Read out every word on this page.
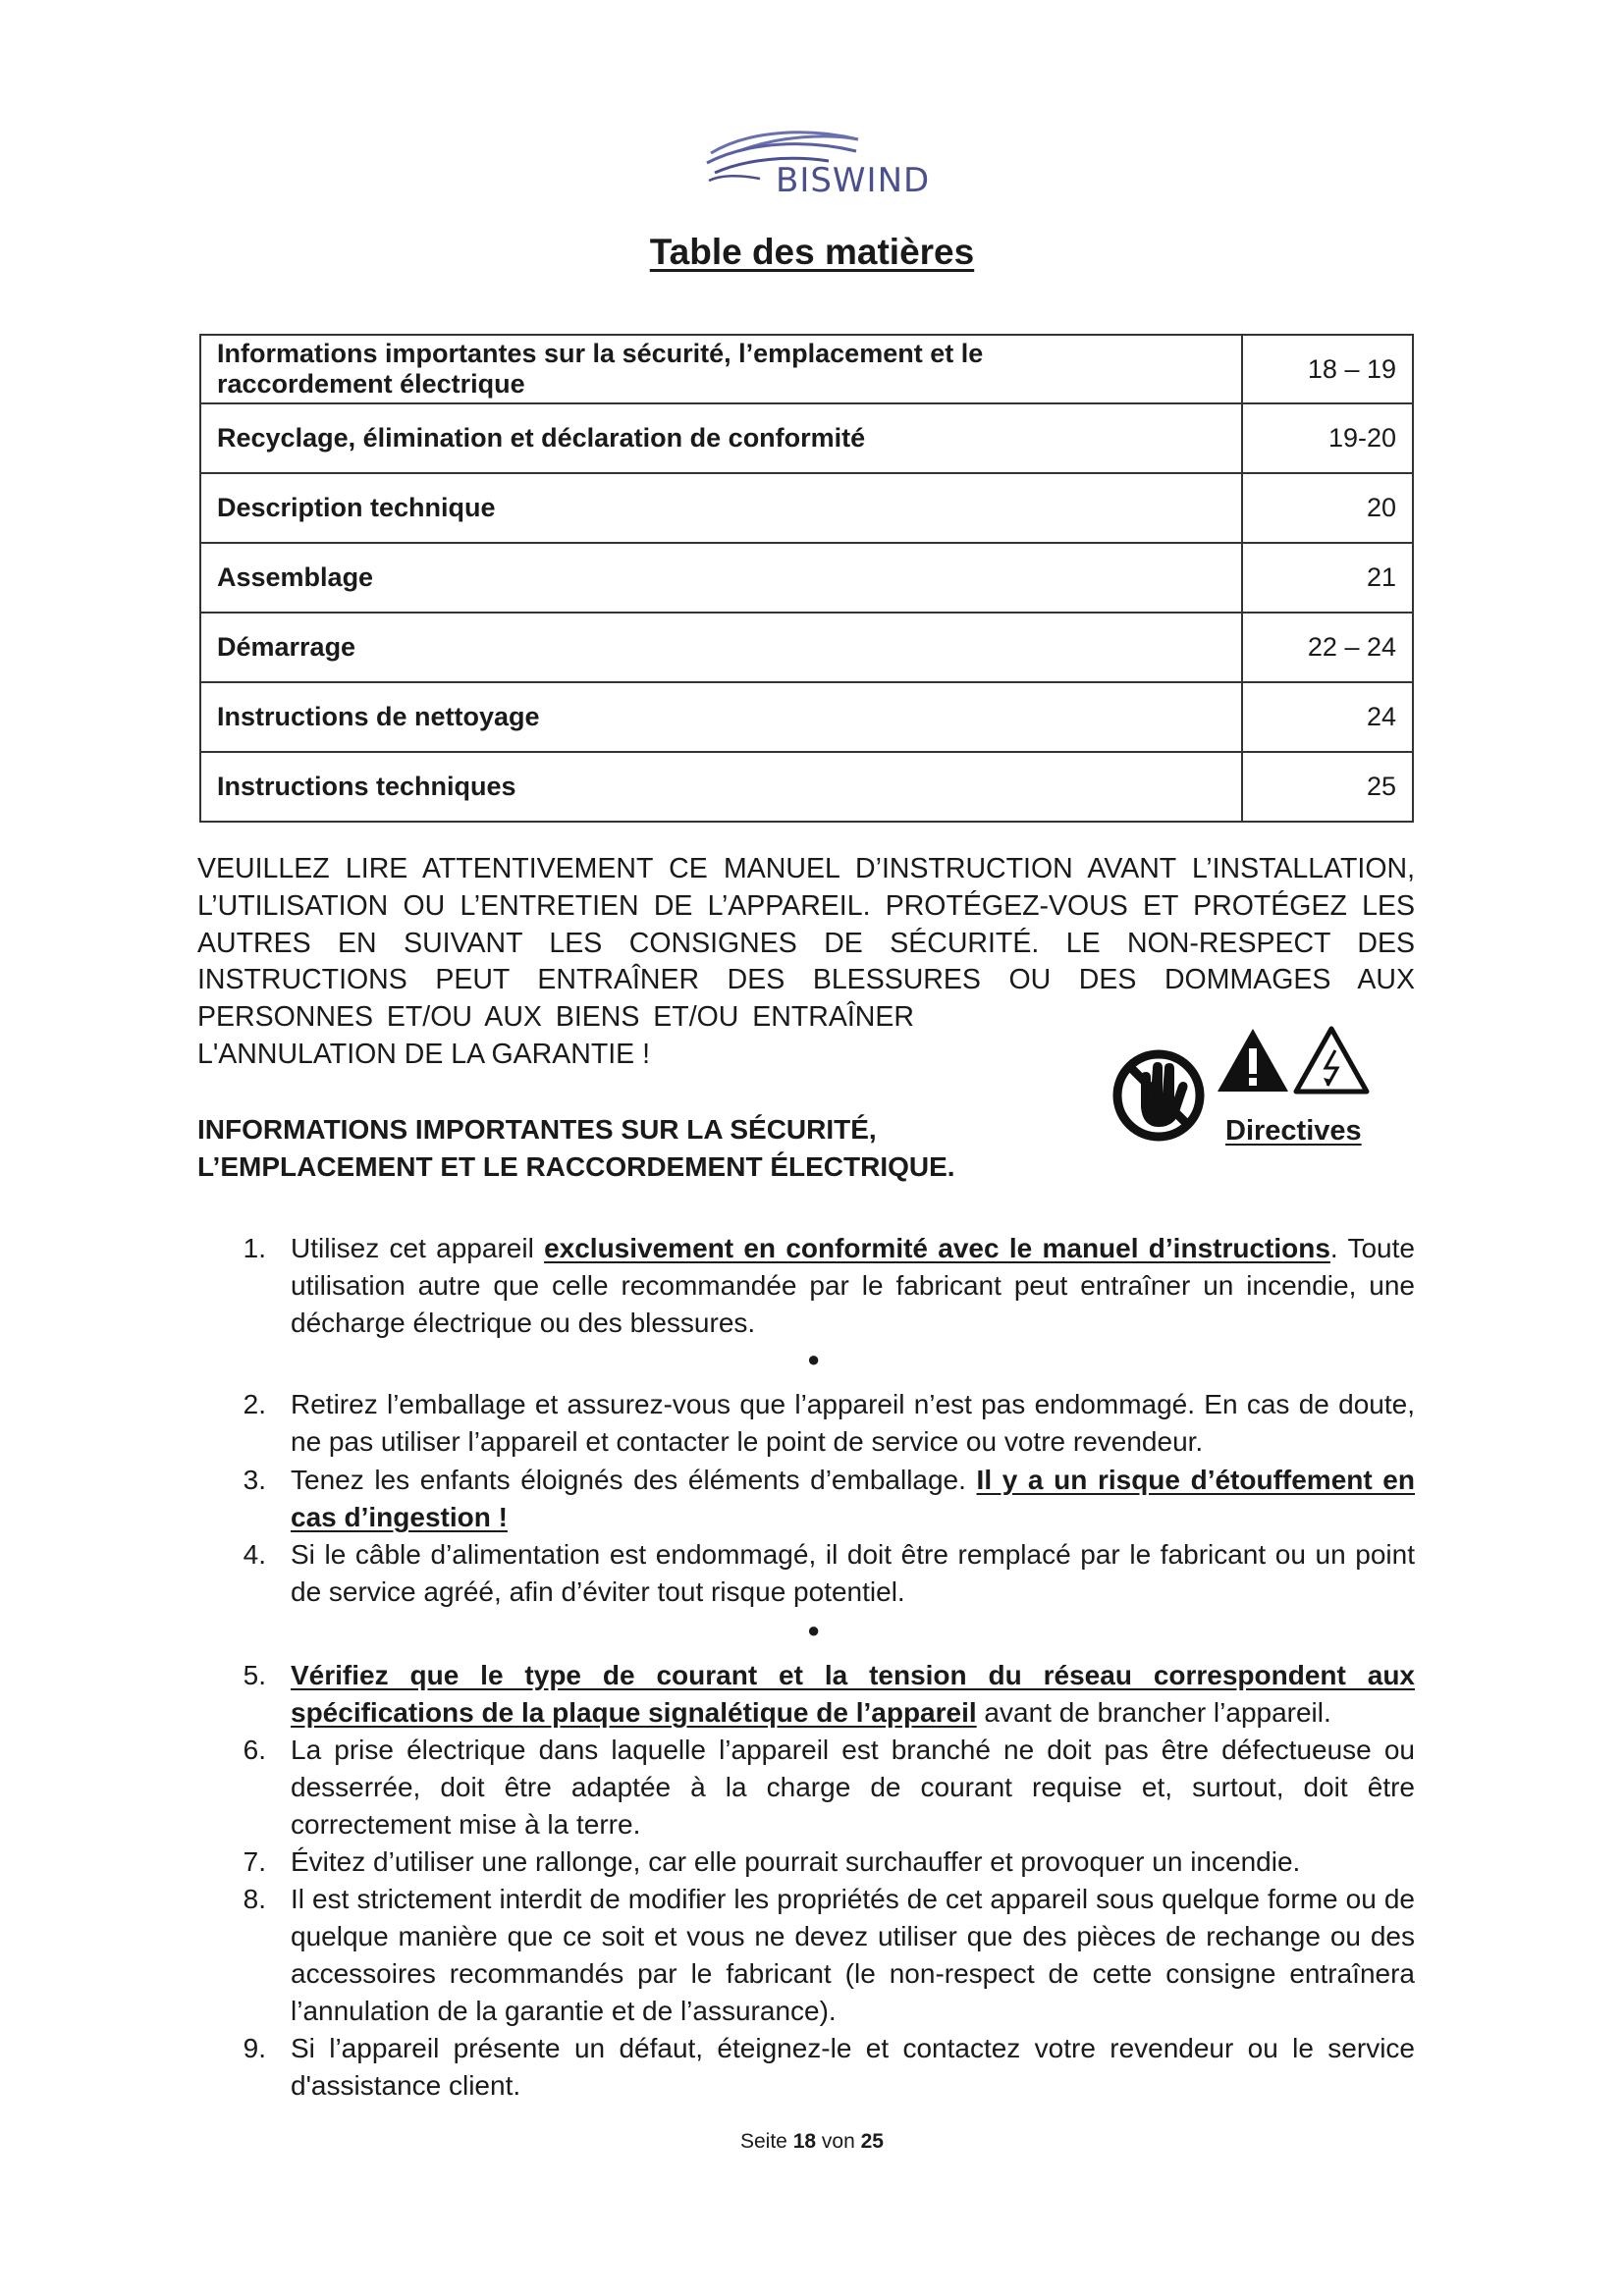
BISWIND
Table des matières
Informations importantes sur la sécurité, l’emplacement et le
raccordement électrique	18 – 19
Recyclage, élimination et déclaration de conformité	19-20
Description technique	20
Assemblage	21
Démarrage	22 – 24
Instructions de nettoyage	24
Instructions techniques	25
VEUILLEZ LIRE ATTENTIVEMENT CE MANUEL D’INSTRUCTION AVANT L’INSTALLATION,
L’UTILISATION OU L’ENTRETIEN DE L’APPAREIL. PROTÉGEZ-VOUS ET PROTÉGEZ LES
AUTRES EN SUIVANT LES CONSIGNES DE SÉCURITÉ. LE NON-RESPECT DES
INSTRUCTIONS PEUT ENTRAÎNER DES BLESSURES OU DES DOMMAGES AUX
PERSONNES ET/OU AUX BIENS ET/OU ENTRAÎNER
L'ANNULATION DE LA GARANTIE !
Directives
INFORMATIONS IMPORTANTES SUR LA SÉCURITÉ,
L’EMPLACEMENT ET LE RACCORDEMENT ÉLECTRIQUE.
1. Utilisez cet appareil exclusivement en conformité avec le manuel d’instructions. Toute utilisation autre que celle recommandée par le fabricant peut entraîner un incendie, une décharge électrique ou des blessures.
●
2. Retirez l’emballage et assurez-vous que l’appareil n’est pas endommagé. En cas de doute, ne pas utiliser l’appareil et contacter le point de service ou votre revendeur.
3. Tenez les enfants éloignés des éléments d’emballage. Il y a un risque d’étouffement en cas d’ingestion !
4. Si le câble d’alimentation est endommagé, il doit être remplacé par le fabricant ou un point de service agréé, afin d’éviter tout risque potentiel.
●
5. Vérifiez que le type de courant et la tension du réseau correspondent aux spécifications de la plaque signalétique de l’appareil avant de brancher l’appareil.
6. La prise électrique dans laquelle l’appareil est branché ne doit pas être défectueuse ou desserrée, doit être adaptée à la charge de courant requise et, surtout, doit être correctement mise à la terre.
7. Évitez d’utiliser une rallonge, car elle pourrait surchauffer et provoquer un incendie.
8. Il est strictement interdit de modifier les propriétés de cet appareil sous quelque forme ou de quelque manière que ce soit et vous ne devez utiliser que des pièces de rechange ou des accessoires recommandés par le fabricant (le non-respect de cette consigne entraînera l’annulation de la garantie et de l’assurance).
9. Si l’appareil présente un défaut, éteignez-le et contactez votre revendeur ou le service d'assistance client.
Seite 18 von 25
